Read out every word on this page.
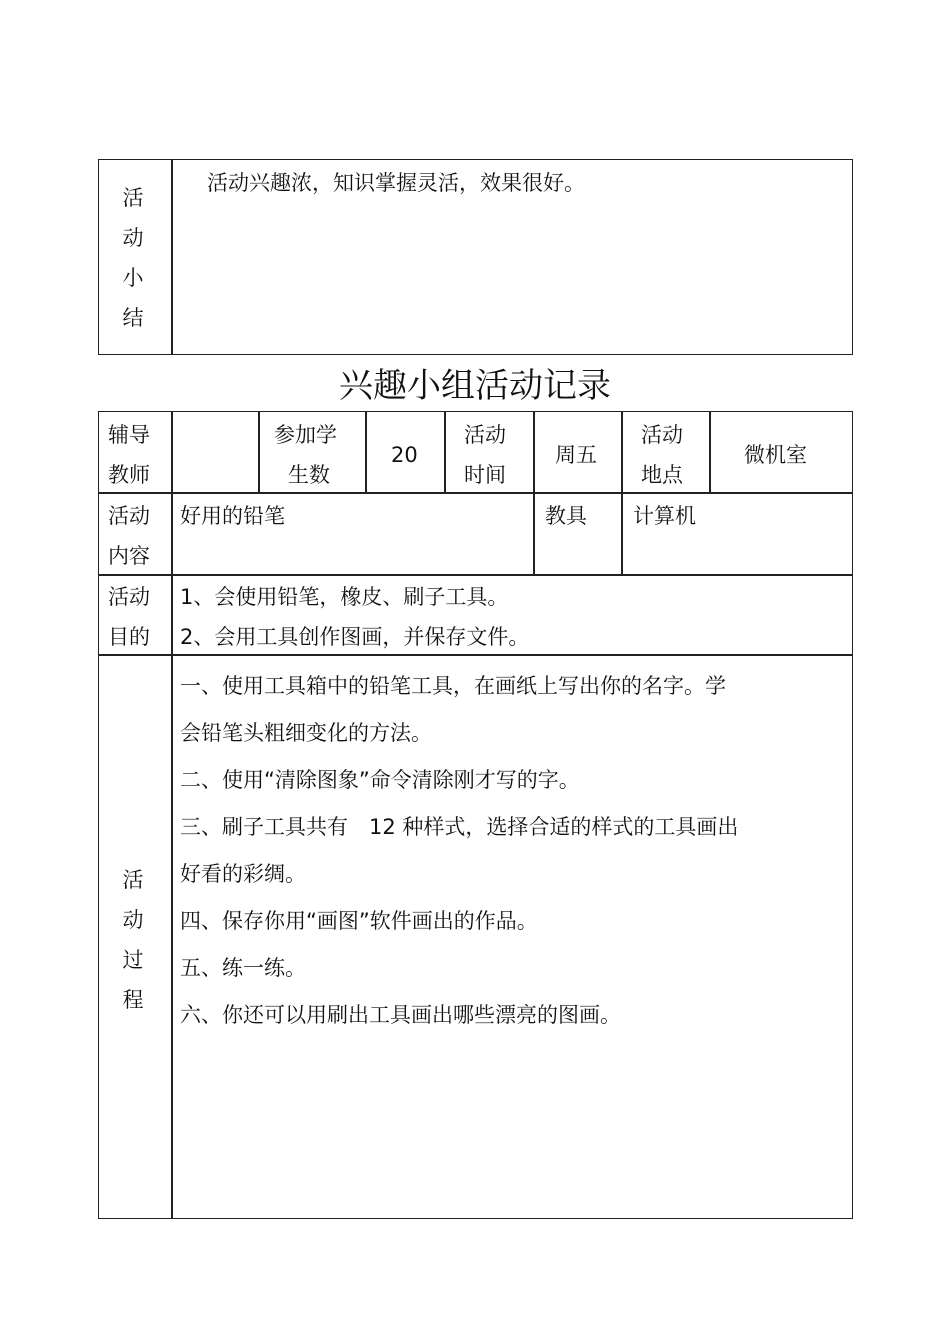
活
动
小
结
活动兴趣浓，知识掌握灵活，效果很好。
兴趣小组活动记录
辅导
教师
参加学
生数
20
活动
时间
周五
活动
地点
微机室
活动
内容
好用的铅笔	教具 计算机
活动
目的
1、会使用铅笔，橡皮、刷子工具。
2、会用工具创作图画，并保存文件。
活
动
过
程
一、使用工具箱中的铅笔工具，在画纸上写出你的名字。学
会铅笔头粗细变化的方法。
二、使用“清除图象”命令清除刚才写的字。
三、刷子工具共有　12 种样式，选择合适的样式的工具画出
好看的彩绸。
四、保存你用“画图”软件画出的作品。
五、练一练。
六、你还可以用刷出工具画出哪些漂亮的图画。
